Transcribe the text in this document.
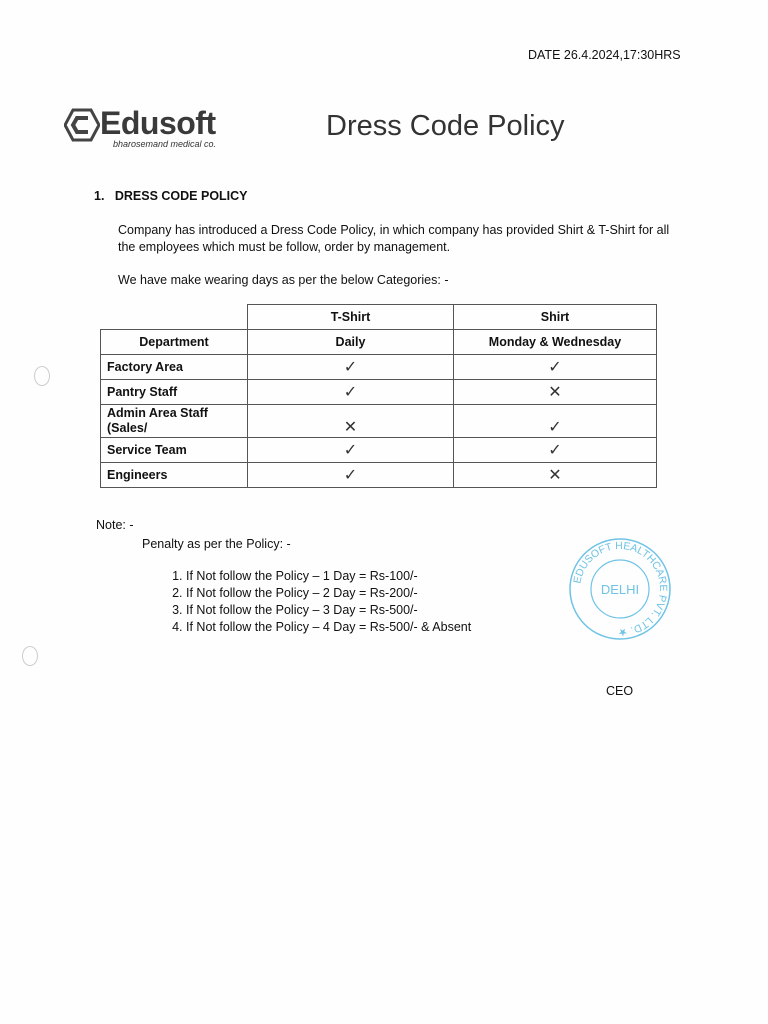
DATE 26.4.2024,17:30HRS
Edusoft
bharosemand medical co.
Dress Code Policy
1. DRESS CODE POLICY
Company has introduced a Dress Code Policy, in which company has provided Shirt & T-Shirt for all the employees which must be follow, order by management.
We have make wearing days as per the below Categories: -
	T-Shirt	Shirt
Department	Daily	Monday & Wednesday
Factory Area	✓	✓
Pantry Staff	✓	✕
Admin Area Staff (Sales/	✕	✓
Service Team	✓	✓
Engineers	✓	✕
Note: -
Penalty as per the Policy: -
1. If Not follow the Policy – 1 Day = Rs-100/-
2. If Not follow the Policy – 2 Day = Rs-200/-
3. If Not follow the Policy – 3 Day = Rs-500/-
4. If Not follow the Policy – 4 Day = Rs-500/- & Absent
EDUSOFT HEALTHCARE PVT. LTD. ★
DELHI
CEO
